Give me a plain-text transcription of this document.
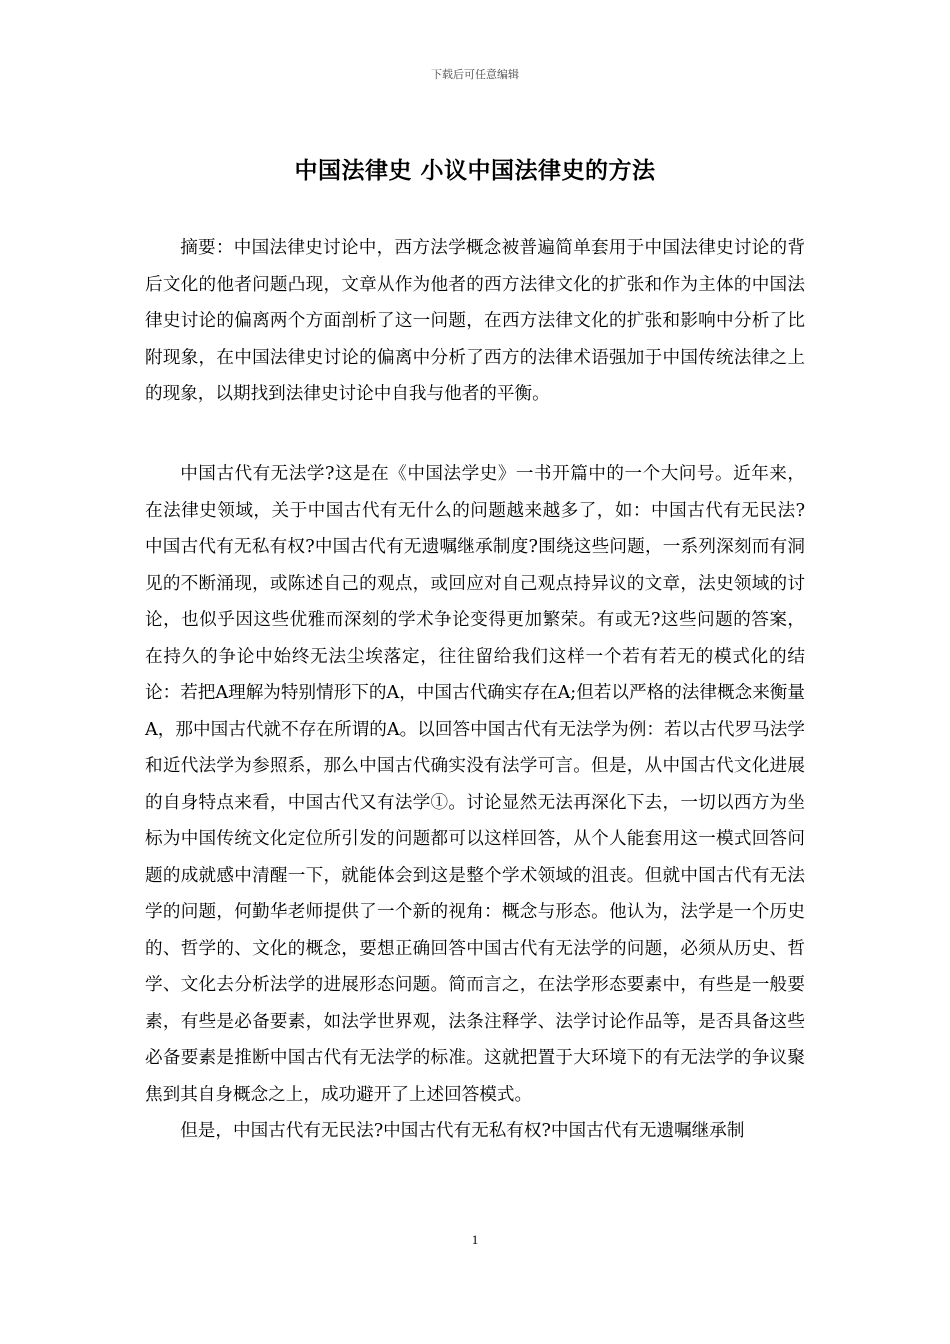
下载后可任意编辑
中国法律史 小议中国法律史的方法

摘要：中国法律史讨论中，西方法学概念被普遍简单套用于中国法律史讨论的背后文化的他者问题凸现，文章从作为他者的西方法律文化的扩张和作为主体的中国法律史讨论的偏离两个方面剖析了这一问题，在西方法律文化的扩张和影响中分析了比附现象，在中国法律史讨论的偏离中分析了西方的法律术语强加于中国传统法律之上的现象，以期找到法律史讨论中自我与他者的平衡。

中国古代有无法学?这是在《中国法学史》一书开篇中的一个大问号。近年来，在法律史领域，关于中国古代有无什么的问题越来越多了，如：中国古代有无民法?中国古代有无私有权?中国古代有无遗嘱继承制度?围绕这些问题，一系列深刻而有洞见的不断涌现，或陈述自己的观点，或回应对自己观点持异议的文章，法史领域的讨论，也似乎因这些优雅而深刻的学术争论变得更加繁荣。有或无?这些问题的答案，在持久的争论中始终无法尘埃落定，往往留给我们这样一个若有若无的模式化的结论：若把A理解为特别情形下的A，中国古代确实存在A;但若以严格的法律概念来衡量A，那中国古代就不存在所谓的A。以回答中国古代有无法学为例：若以古代罗马法学和近代法学为参照系，那么中国古代确实没有法学可言。但是，从中国古代文化进展的自身特点来看，中国古代又有法学①。讨论显然无法再深化下去，一切以西方为坐标为中国传统文化定位所引发的问题都可以这样回答，从个人能套用这一模式回答问题的成就感中清醒一下，就能体会到这是整个学术领域的沮丧。但就中国古代有无法学的问题，何勤华老师提供了一个新的视角：概念与形态。他认为，法学是一个历史的、哲学的、文化的概念，要想正确回答中国古代有无法学的问题，必须从历史、哲学、文化去分析法学的进展形态问题。简而言之，在法学形态要素中，有些是一般要素，有些是必备要素，如法学世界观，法条注释学、法学讨论作品等，是否具备这些必备要素是推断中国古代有无法学的标准。这就把置于大环境下的有无法学的争议聚焦到其自身概念之上，成功避开了上述回答模式。

但是，中国古代有无民法?中国古代有无私有权?中国古代有无遗嘱继承制

1
